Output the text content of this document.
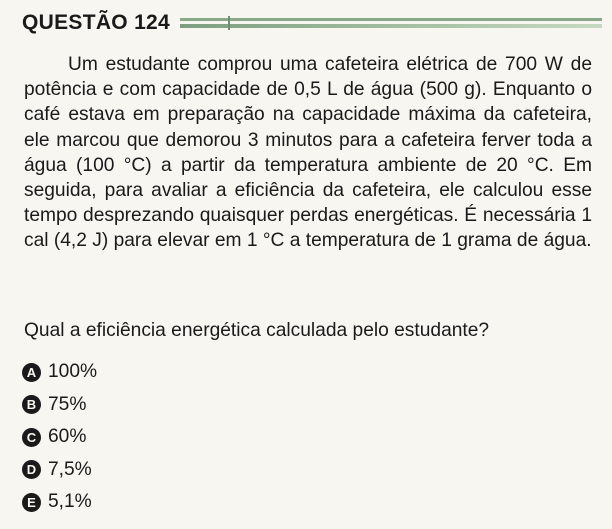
QUESTÃO 124

Um estudante comprou uma cafeteira elétrica de 700 W de potência e com capacidade de 0,5 L de água (500 g). Enquanto o café estava em preparação na capacidade máxima da cafeteira, ele marcou que demorou 3 minutos para a cafeteira ferver toda a água (100 °C) a partir da temperatura ambiente de 20 °C. Em seguida, para avaliar a eficiência da cafeteira, ele calculou esse tempo desprezando quaisquer perdas energéticas. É necessária 1 cal (4,2 J) para elevar em 1 °C a temperatura de 1 grama de água.

Qual a eficiência energética calculada pelo estudante?

A 100%
B 75%
C 60%
D 7,5%
E 5,1%
